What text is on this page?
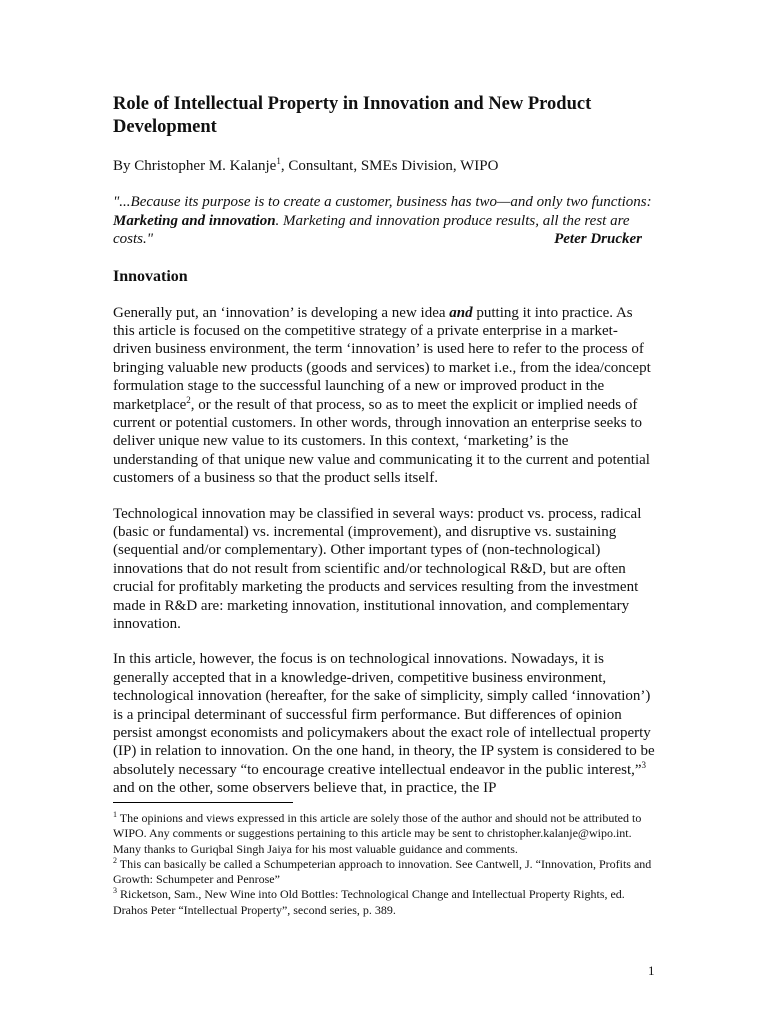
Role of Intellectual Property in Innovation and New Product Development

By Christopher M. Kalanje$^1$, Consultant, SMEs Division, WIPO

"...Because its purpose is to create a customer, business has two—and only two functions: Marketing and innovation. Marketing and innovation produce results, all the rest are costs."	Peter Drucker

Innovation

Generally put, an ‘innovation’ is developing a new idea and putting it into practice. As this article is focused on the competitive strategy of a private enterprise in a market-driven business environment, the term ‘innovation’ is used here to refer to the process of bringing valuable new products (goods and services) to market i.e., from the idea/concept formulation stage to the successful launching of a new or improved product in the marketplace$^2$, or the result of that process, so as to meet the explicit or implied needs of current or potential customers. In other words, through innovation an enterprise seeks to deliver unique new value to its customers. In this context, ‘marketing’ is the understanding of that unique new value and communicating it to the current and potential customers of a business so that the product sells itself.

Technological innovation may be classified in several ways: product vs. process, radical (basic or fundamental) vs. incremental (improvement), and disruptive vs. sustaining (sequential and/or complementary). Other important types of (non-technological) innovations that do not result from scientific and/or technological R&D, but are often crucial for profitably marketing the products and services resulting from the investment made in R&D are: marketing innovation, institutional innovation, and complementary innovation.

In this article, however, the focus is on technological innovations. Nowadays, it is generally accepted that in a knowledge-driven, competitive business environment, technological innovation (hereafter, for the sake of simplicity, simply called ‘innovation’) is a principal determinant of successful firm performance. But differences of opinion persist amongst economists and policymakers about the exact role of intellectual property (IP) in relation to innovation. On the one hand, in theory, the IP system is considered to be absolutely necessary “to encourage creative intellectual endeavor in the public interest,”$^3$ and on the other, some observers believe that, in practice, the IP

$^1$ The opinions and views expressed in this article are solely those of the author and should not be attributed to WIPO. Any comments or suggestions pertaining to this article may be sent to christopher.kalanje@wipo.int. Many thanks to Guriqbal Singh Jaiya for his most valuable guidance and comments.

$^2$ This can basically be called a Schumpeterian approach to innovation. See Cantwell, J. “Innovation, Profits and Growth: Schumpeter and Penrose”

$^3$ Ricketson, Sam., New Wine into Old Bottles: Technological Change and Intellectual Property Rights, ed. Drahos Peter “Intellectual Property”, second series, p. 389.

1
